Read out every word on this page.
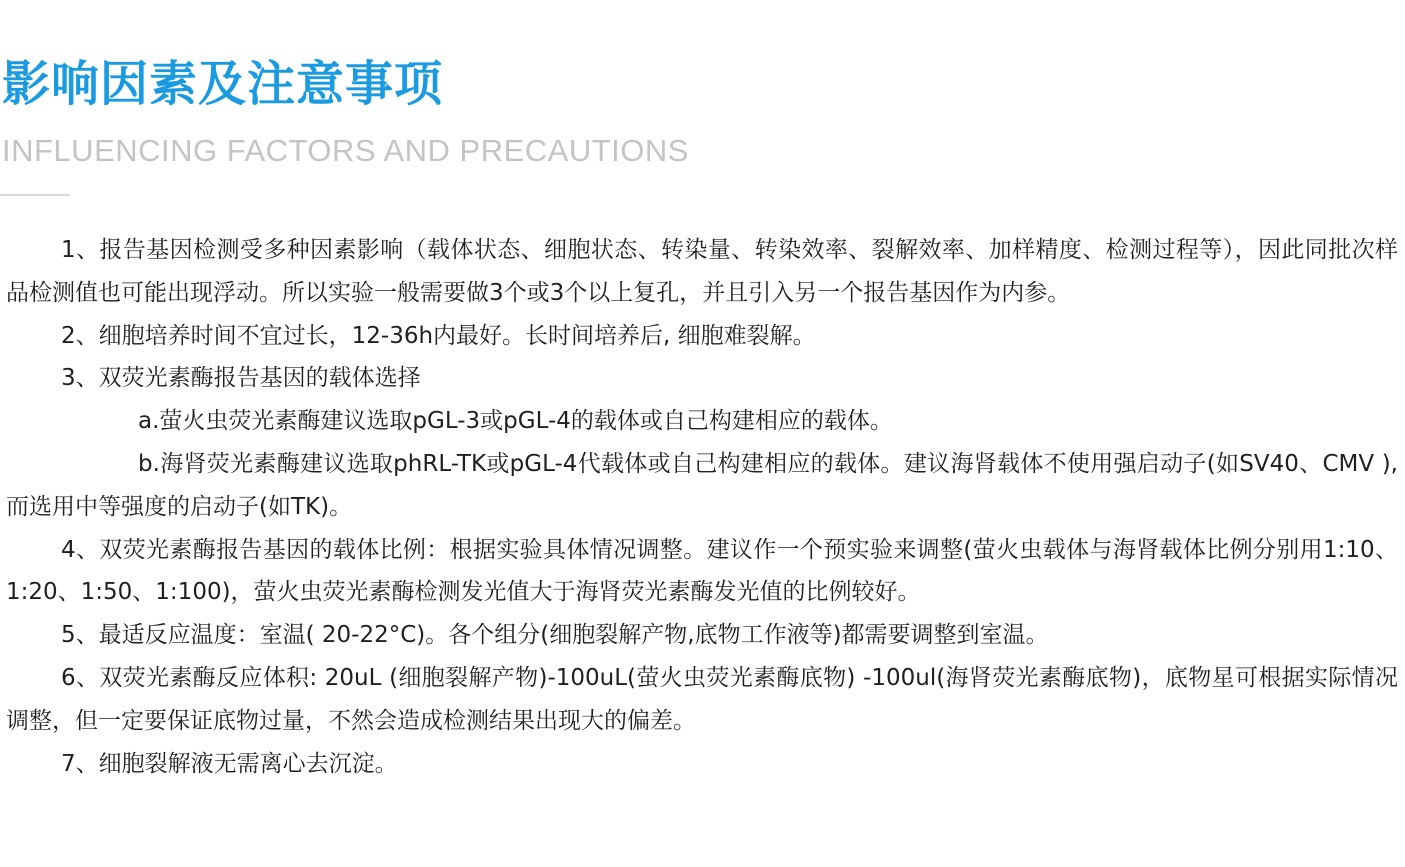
影响因素及注意事项
INFLUENCING FACTORS AND PRECAUTIONS

1、报告基因检测受多种因素影响（载体状态、细胞状态、转染量、转染效率、裂解效率、加样精度、检测过程等），因此同批次样品检测值也可能出现浮动。所以实验一般需要做3个或3个以上复孔，并且引入另一个报告基因作为内参。

2、细胞培养时间不宜过长，12-36h内最好。长时间培养后, 细胞难裂解。

3、双荧光素酶报告基因的载体选择

a.萤火虫荧光素酶建议选取pGL-3或pGL-4的载体或自己构建相应的载体。

b.海肾荧光素酶建议选取phRL-TK或pGL-4代载体或自己构建相应的载体。建议海肾载体不使用强启动子(如SV40、CMV ), 而选用中等强度的启动子(如TK)。

4、双荧光素酶报告基因的载体比例：根据实验具体情况调整。建议作一个预实验来调整(萤火虫载体与海肾载体比例分别用1:10、1:20、1:50、1:100)，萤火虫荧光素酶检测发光值大于海肾荧光素酶发光值的比例较好。

5、最适反应温度：室温( 20-22°C)。各个组分(细胞裂解产物,底物工作液等)都需要调整到室温。

6、双荧光素酶反应体积: 20uL (细胞裂解产物)-100uL(萤火虫荧光素酶底物) -100ul(海肾荧光素酶底物)，底物星可根据实际情况调整，但一定要保证底物过量，不然会造成检测结果出现大的偏差。

7、细胞裂解液无需离心去沉淀。
